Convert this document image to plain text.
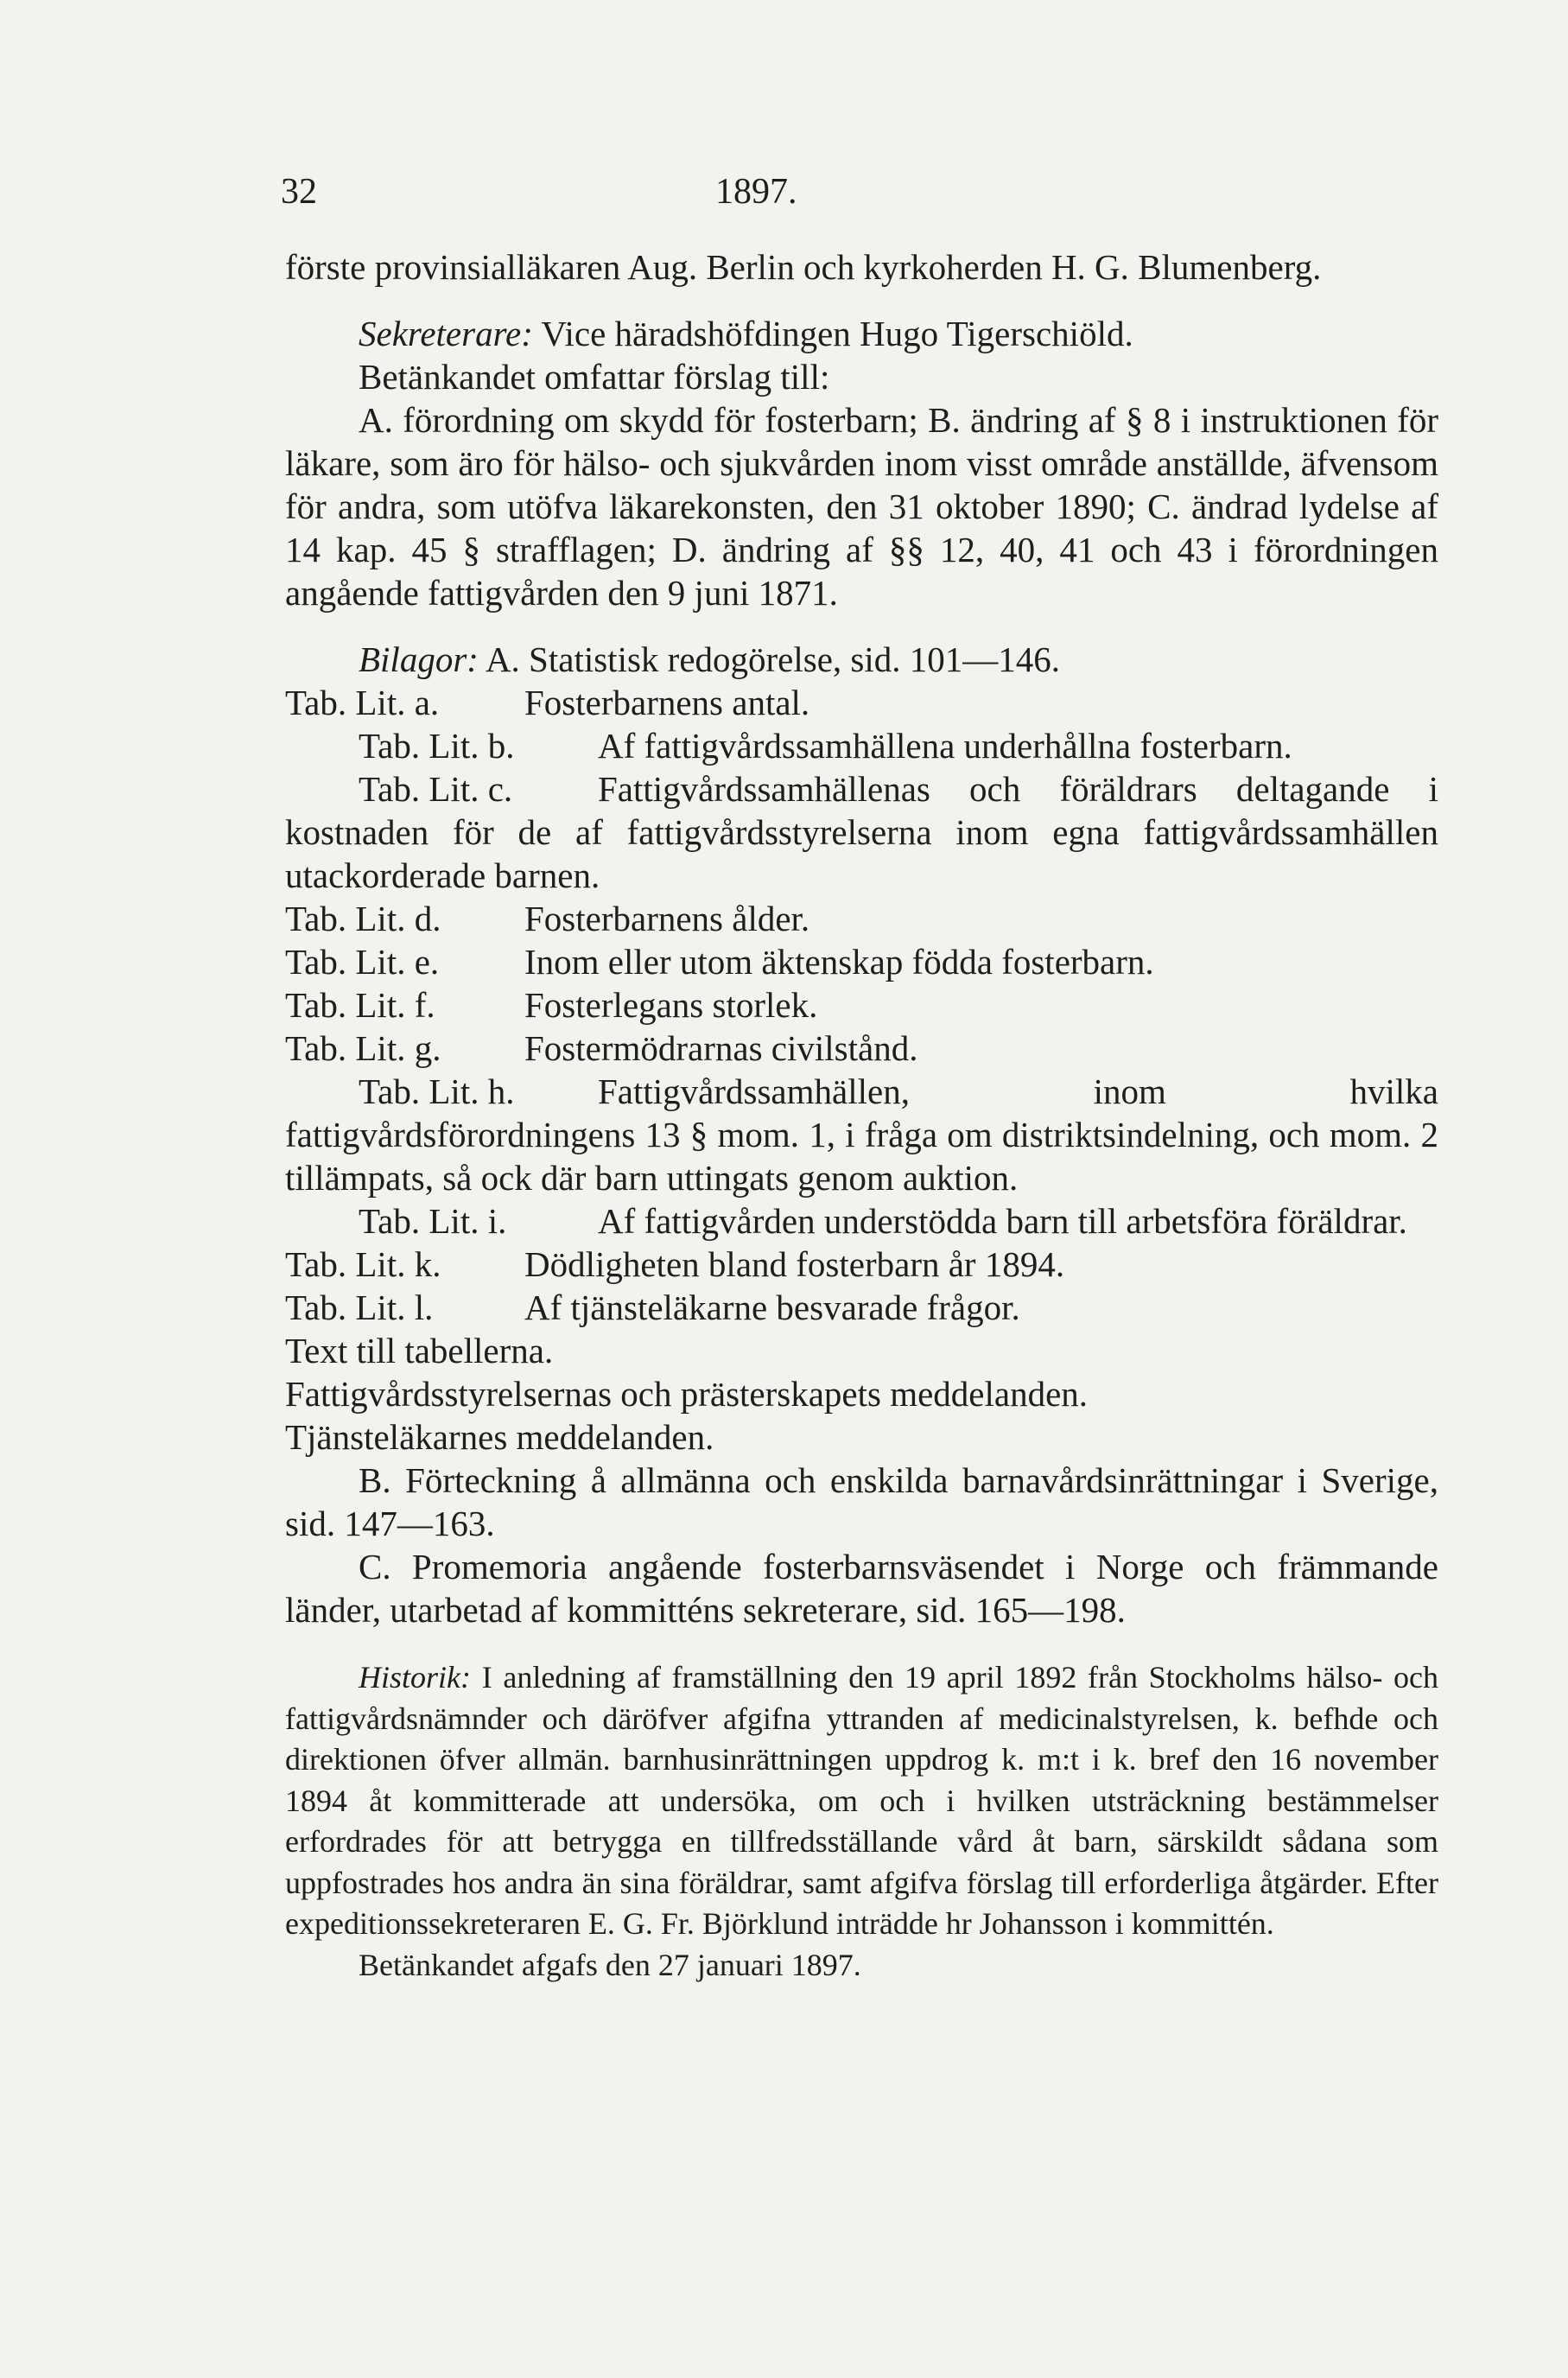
32	1897.

förste provinsialläkaren Aug. Berlin och kyrkoherden H. G. Blumenberg.

Sekreterare: Vice häradshöfdingen Hugo Tigerschiöld.

Betänkandet omfattar förslag till:

A. förordning om skydd för fosterbarn; B. ändring af § 8 i instruktionen för läkare, som äro för hälso- och sjukvården inom visst område anställde, äfvensom för andra, som utöfva läkarekonsten, den 31 oktober 1890; C. ändrad lydelse af 14 kap. 45 § strafflagen; D. ändring af §§ 12, 40, 41 och 43 i förordningen angående fattigvården den 9 juni 1871.

Bilagor: A. Statistisk redogörelse, sid. 101—146.

Tab. Lit. a. Fosterbarnens antal.
Tab. Lit. b. Af fattigvårdssamhällena underhållna fosterbarn.
Tab. Lit. c. Fattigvårdssamhällenas och föräldrars deltagande i kostnaden för de af fattigvårdsstyrelserna inom egna fattigvårdssamhällen utackorderade barnen.
Tab. Lit. d. Fosterbarnens ålder.
Tab. Lit. e. Inom eller utom äktenskap födda fosterbarn.
Tab. Lit. f.	Fosterlegans storlek.
Tab. Lit. g. Fostermödrarnas civilstånd.
Tab. Lit. h. Fattigvårdssamhällen, inom hvilka fattigvårdsförordningens 13 § mom. 1, i fråga om distriktsindelning, och mom. 2 tillämpats, så ock där barn uttingats genom auktion.
Tab. Lit. i.	Af fattigvården understödda barn till arbetsföra föräldrar.
Tab. Lit. k. Dödligheten bland fosterbarn år 1894.
Tab. Lit. l.	Af tjänsteläkarne besvarade frågor.
Text till tabellerna.
Fattigvårdsstyrelsernas och prästerskapets meddelanden.
Tjänsteläkarnes meddelanden.
B. Förteckning å allmänna och enskilda barnavårdsinrättningar i Sverige, sid. 147—163.
C. Promemoria angående fosterbarnsväsendet i Norge och främmande länder, utarbetad af kommitténs sekreterare, sid. 165—198.

Historik: I anledning af framställning den 19 april 1892 från Stockholms hälso- och fattigvårdsnämnder och däröfver afgifna yttranden af medicinalstyrelsen, k. befhde och direktionen öfver allmän. barnhusinrättningen uppdrog k. m:t i k. bref den 16 november 1894 åt kommitterade att undersöka, om och i hvilken utsträckning bestämmelser erfordrades för att betrygga en tillfredsställande vård åt barn, särskildt sådana som uppfostrades hos andra än sina föräldrar, samt afgifva förslag till erforderliga åtgärder. Efter expeditionssekreteraren E. G. Fr. Björklund inträdde hr Johansson i kommittén.

Betänkandet afgafs den 27 januari 1897.
